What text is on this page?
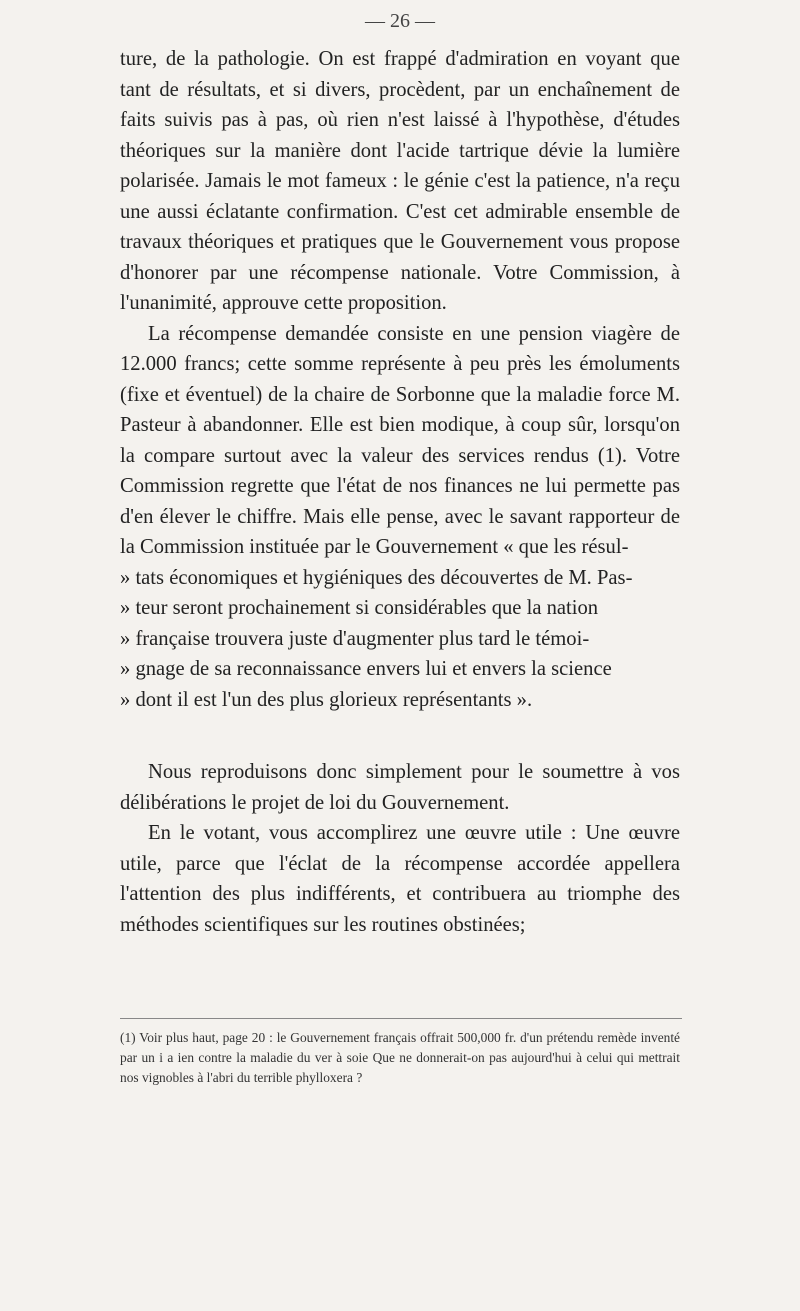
— 26 —

ture, de la pathologie. On est frappé d'admiration en voyant que tant de résultats, et si divers, procèdent, par un enchaînement de faits suivis pas à pas, où rien n'est laissé à l'hypothèse, d'études théoriques sur la manière dont l'acide tartrique dévie la lumière polarisée. Jamais le mot fameux : le génie c'est la patience, n'a reçu une aussi éclatante confirmation. C'est cet admirable ensemble de travaux théoriques et pratiques que le Gouvernement vous propose d'honorer par une récompense nationale. Votre Commission, à l'unanimité, approuve cette proposition.

La récompense demandée consiste en une pension viagère de 12.000 francs; cette somme représente à peu près les émoluments (fixe et éventuel) de la chaire de Sorbonne que la maladie force M. Pasteur à abandonner. Elle est bien modique, à coup sûr, lorsqu'on la compare surtout avec la valeur des services rendus (1). Votre Commission regrette que l'état de nos finances ne lui permette pas d'en élever le chiffre. Mais elle pense, avec le savant rapporteur de la Commission instituée par le Gouvernement « que les résul-

» tats économiques et hygiéniques des découvertes de M. Pas-
» teur seront prochainement si considérables que la nation
» française trouvera juste d'augmenter plus tard le témoi-
» gnage de sa reconnaissance envers lui et envers la science
» dont il est l'un des plus glorieux représentants ».

Nous reproduisons donc simplement pour le soumettre à vos délibérations le projet de loi du Gouvernement.

En le votant, vous accomplirez une œuvre utile : Une œuvre utile, parce que l'éclat de la récompense accordée appellera l'attention des plus indifférents, et contribuera au triomphe des méthodes scientifiques sur les routines obstinées;

(1) Voir plus haut, page 20 : le Gouvernement français offrait 500,000 fr. d'un prétendu remède inventé par un i a ien contre la maladie du ver à soie Que ne donnerait-on pas aujourd'hui à celui qui mettrait nos vignobles à l'abri du terrible phylloxera ?
